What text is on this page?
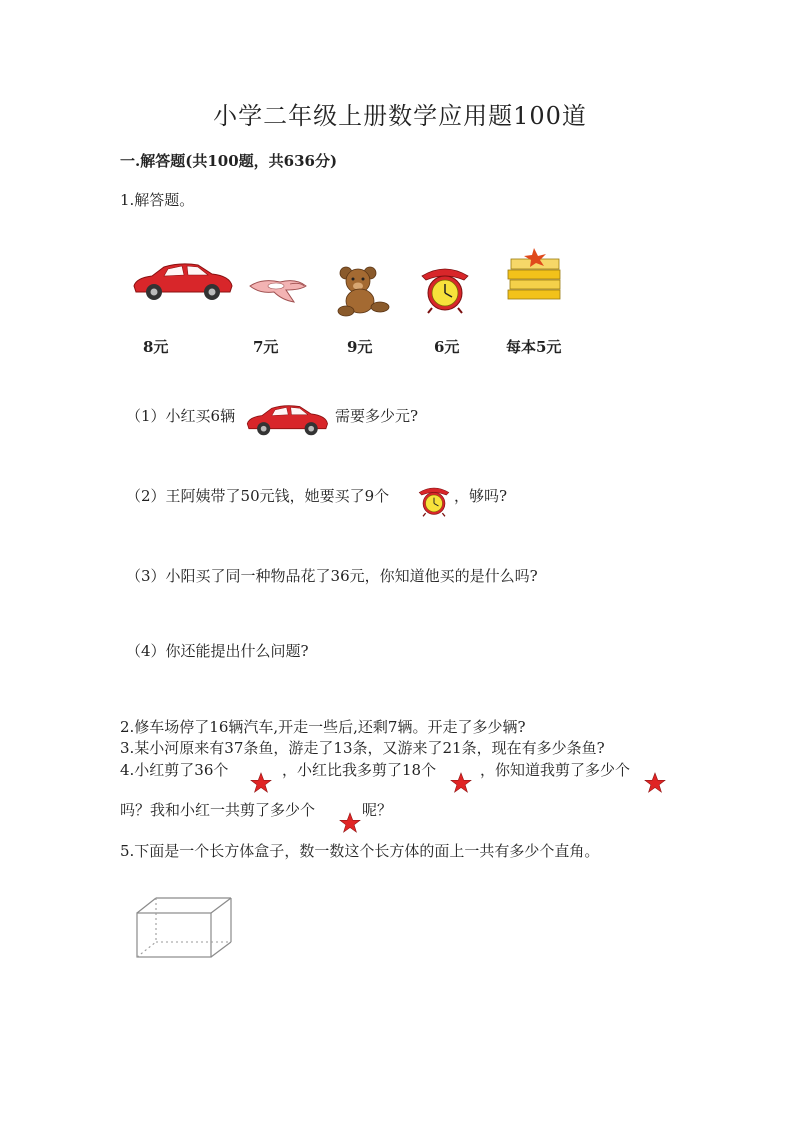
小学二年级上册数学应用题100道
一.解答题(共100题，共636分)
1.解答题。
8元	7元	9元	6元	每本5元
（1）小红买6辆	需要多少元?
（2）王阿姨带了50元钱，她要买了9个	，够吗?
（3）小阳买了同一种物品花了36元，你知道他买的是什么吗?
（4）你还能提出什么问题?
2.修车场停了16辆汽车,开走一些后,还剩7辆。开走了多少辆?
3.某小河原来有37条鱼，游走了13条，又游来了21条，现在有多少条鱼?
4.小红剪了36个	，小红比我多剪了18个	，你知道我剪了多少个
吗？我和小红一共剪了多少个	呢？
5.下面是一个长方体盒子，数一数这个长方体的面上一共有多少个直角。
